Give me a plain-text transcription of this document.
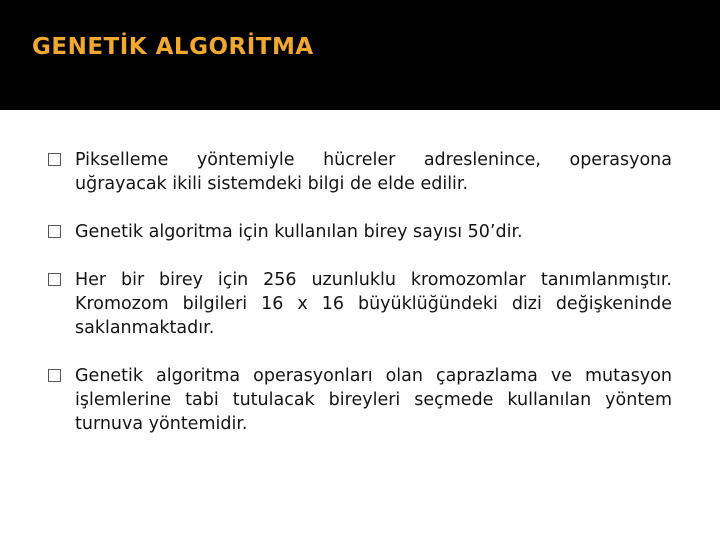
GENETİK ALGORİTMA
Pikselleme yöntemiyle hücreler adreslenince, operasyona uğrayacak ikili sistemdeki bilgi de elde edilir.
Genetik algoritma için kullanılan birey sayısı 50’dir.
Her bir birey için 256 uzunluklu kromozomlar tanımlanmıştır. Kromozom bilgileri 16 x 16 büyüklüğündeki dizi değişkeninde saklanmaktadır.
Genetik algoritma operasyonları olan çaprazlama ve mutasyon işlemlerine tabi tutulacak bireyleri seçmede kullanılan yöntem turnuva yöntemidir.
